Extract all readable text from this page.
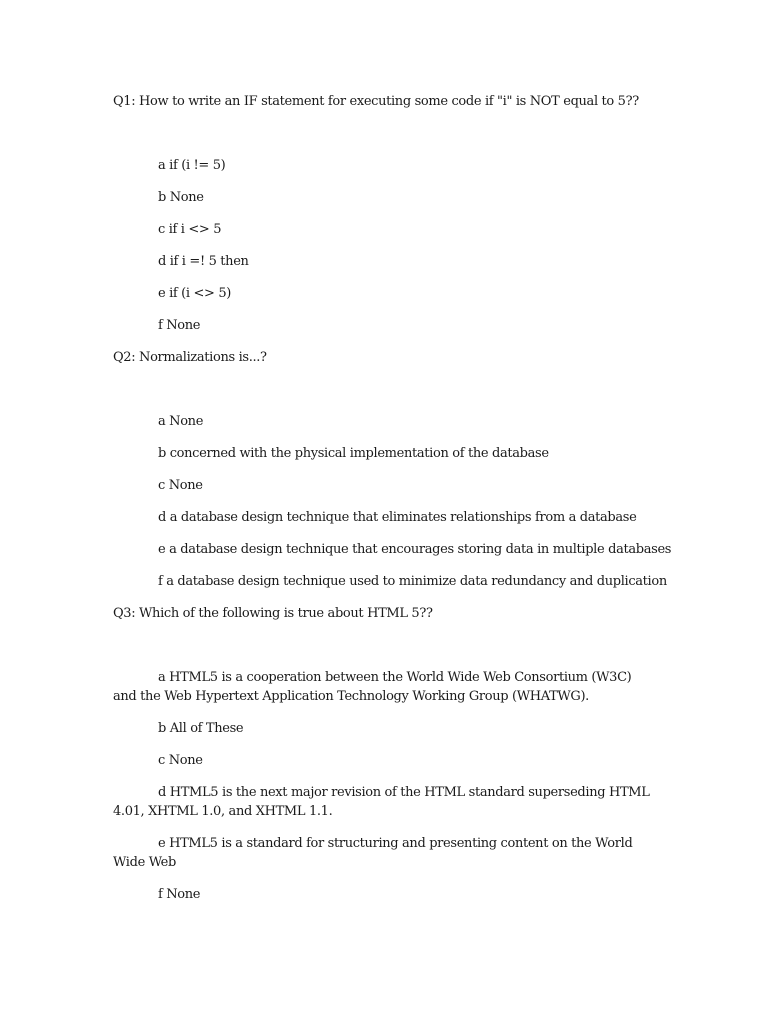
Q1: How to write an IF statement for executing some code if "i" is NOT equal to 5??

a if (i != 5)

b None

c if i <> 5

d if i =! 5 then

e if (i <> 5)

f None

Q2: Normalizations is...?

a None

b concerned with the physical implementation of the database

c None

d a database design technique that eliminates relationships from a database

e a database design technique that encourages storing data in multiple databases

f a database design technique used to minimize data redundancy and duplication

Q3: Which of the following is true about HTML 5??

a HTML5 is a cooperation between the World Wide Web Consortium (W3C) and the Web Hypertext Application Technology Working Group (WHATWG).

b All of These

c None

d HTML5 is the next major revision of the HTML standard superseding HTML 4.01, XHTML 1.0, and XHTML 1.1.

e HTML5 is a standard for structuring and presenting content on the World Wide Web

f None
